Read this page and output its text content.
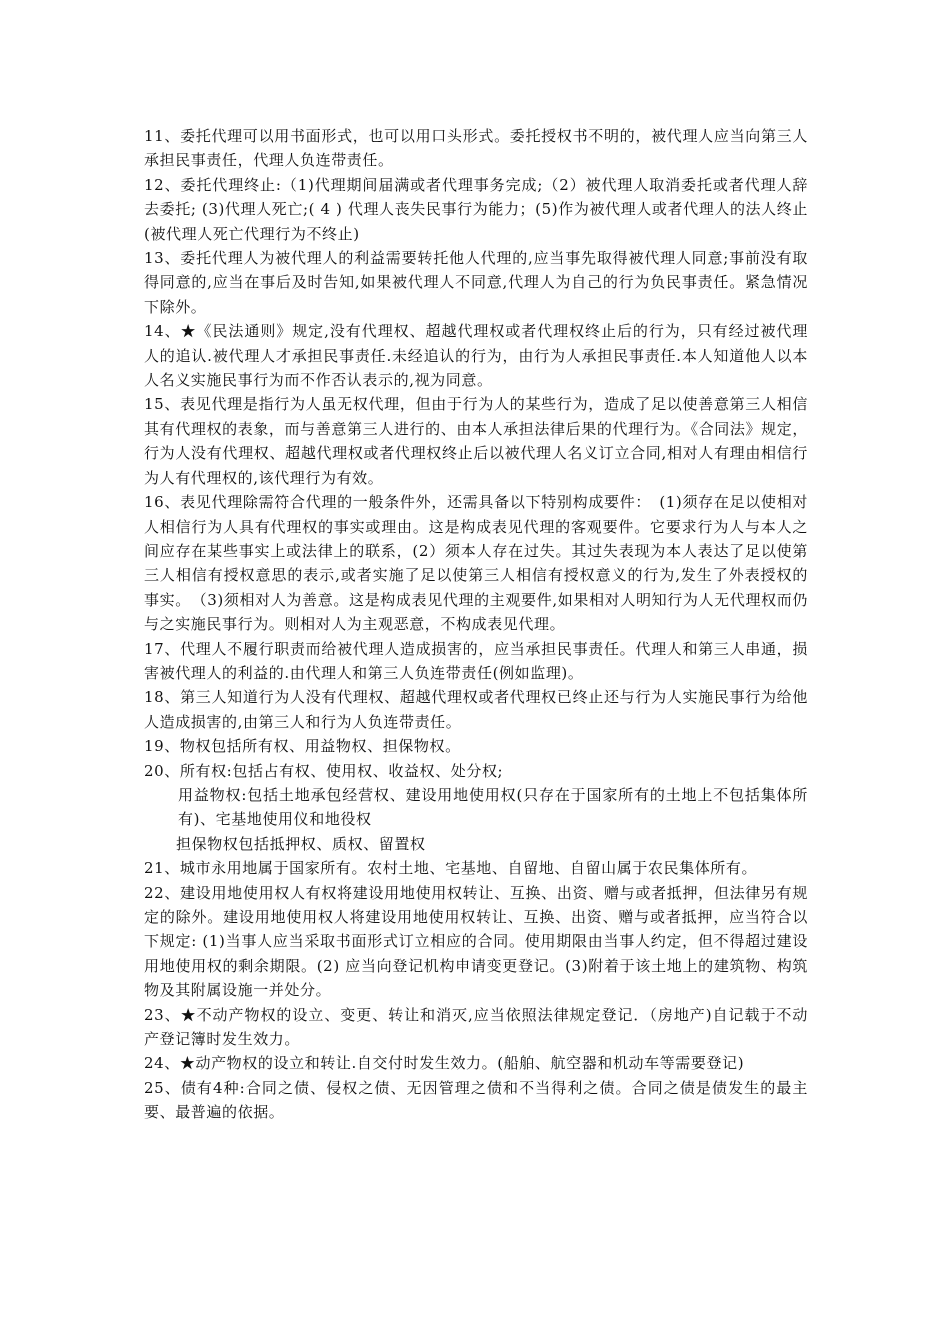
11、委托代理可以用书面形式，也可以用口头形式。委托授权书不明的，被代理人应当向第三人承担民事责任，代理人负连带责任。

12、委托代理终止:（1)代理期间届满或者代理事务完成;（2）被代理人取消委托或者代理人辞去委托; (3)代理人死亡;( 4 ) 代理人丧失民事行为能力；(5)作为被代理人或者代理人的法人终止(被代理人死亡代理行为不终止)

13、委托代理人为被代理人的利益需要转托他人代理的,应当事先取得被代理人同意;事前没有取得同意的,应当在事后及时告知,如果被代理人不同意,代理人为自己的行为负民事责任。紧急情况下除外。

14、★《民法通则》规定,没有代理权、超越代理权或者代理权终止后的行为，只有经过被代理人的追认.被代理人才承担民事责任.未经追认的行为，由行为人承担民事责任.本人知道他人以本人名义实施民事行为而不作否认表示的,视为同意。

15、表见代理是指行为人虽无权代理，但由于行为人的某些行为，造成了足以使善意第三人相信其有代理权的表象，而与善意第三人进行的、由本人承担法律后果的代理行为。《合同法》规定，行为人没有代理权、超越代理权或者代理权终止后以被代理人名义订立合同,相对人有理由相信行为人有代理权的,该代理行为有效。

16、表见代理除需符合代理的一般条件外，还需具备以下特别构成要件：　(1)须存在足以使相对人相信行为人具有代理权的事实或理由。这是构成表见代理的客观要件。它要求行为人与本人之间应存在某些事实上或法律上的联系，(2）须本人存在过失。其过失表现为本人表达了足以使第三人相信有授权意思的表示,或者实施了足以使第三人相信有授权意义的行为,发生了外表授权的事实。　（3)须相对人为善意。这是构成表见代理的主观要件,如果相对人明知行为人无代理权而仍与之实施民事行为。则相对人为主观恶意，不构成表见代理。

17、代理人不履行职责而给被代理人造成损害的，应当承担民事责任。代理人和第三人串通，损害被代理人的利益的.由代理人和第三人负连带责任(例如监理)。

18、第三人知道行为人没有代理权、超越代理权或者代理权已终止还与行为人实施民事行为给他人造成损害的,由第三人和行为人负连带责任。

19、物权包括所有权、用益物权、担保物权。

20、所有权:包括占有权、使用权、收益权、处分权;

用益物权:包括土地承包经营权、建设用地使用权(只存在于国家所有的土地上不包括集体所有)、宅基地使用仪和地役权

担保物权包括抵押权、质权、留置权

21、城市永用地属于国家所有。农村土地、宅基地、自留地、自留山属于农民集体所有。

22、建设用地使用权人有权将建设用地使用权转让、互换、出资、赠与或者抵押，但法律另有规定的除外。建设用地使用权人将建设用地使用权转让、互换、出资、赠与或者抵押，应当符合以下规定: (1)当事人应当采取书面形式订立相应的合同。使用期限由当事人约定，但不得超过建设用地使用权的剩余期限。(2) 应当向登记机构申请变更登记。(3)附着于该土地上的建筑物、构筑物及其附属设施一并处分。

23、★不动产物权的设立、变更、转让和消灭,应当依照法律规定登记．（房地产)自记载于不动产登记簿时发生效力。

24、★动产物权的设立和转让.自交付时发生效力。(船舶、航空器和机动车等需要登记)

25、债有4种:合同之债、侵权之债、无因管理之债和不当得利之债。合同之债是债发生的最主要、最普遍的依据。
